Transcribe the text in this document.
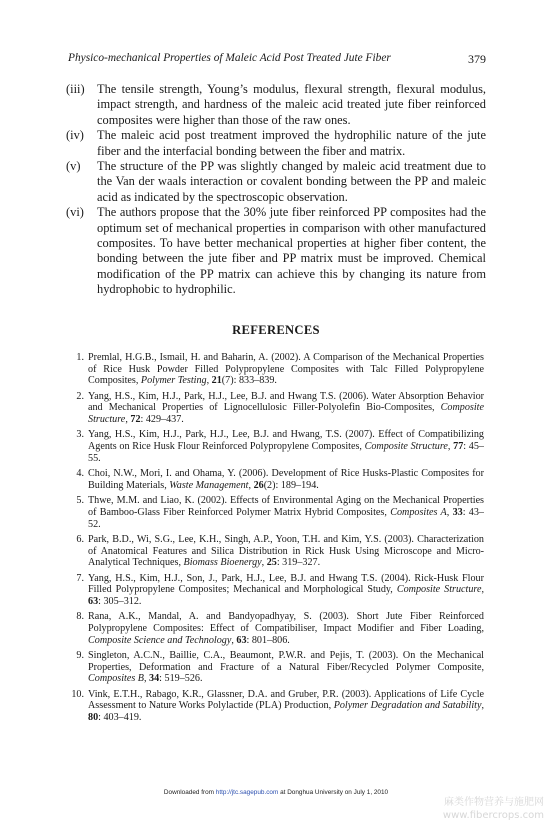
Physico-mechanical Properties of Maleic Acid Post Treated Jute Fiber	379

(iii) The tensile strength, Young’s modulus, flexural strength, flexural modulus, impact strength, and hardness of the maleic acid treated jute fiber reinforced composites were higher than those of the raw ones.

(iv) The maleic acid post treatment improved the hydrophilic nature of the jute fiber and the interfacial bonding between the fiber and matrix.

(v) The structure of the PP was slightly changed by maleic acid treatment due to the Van der waals interaction or covalent bonding between the PP and maleic acid as indicated by the spectroscopic observation.

(vi) The authors propose that the 30% jute fiber reinforced PP composites had the optimum set of mechanical properties in comparison with other manufactured composites. To have better mechanical properties at higher fiber content, the bonding between the jute fiber and PP matrix must be improved. Chemical modification of the PP matrix can achieve this by changing its nature from hydrophobic to hydrophilic.

REFERENCES
1. Premlal, H.G.B., Ismail, H. and Baharin, A. (2002). A Comparison of the Mechanical Properties of Rice Husk Powder Filled Polypropylene Composites with Talc Filled Polypropylene Composites, Polymer Testing, 21(7): 833–839.
2. Yang, H.S., Kim, H.J., Park, H.J., Lee, B.J. and Hwang T.S. (2006). Water Absorption Behavior and Mechanical Properties of Lignocellulosic Filler-Polyolefin Bio-Composites, Composite Structure, 72: 429–437.
3. Yang, H.S., Kim, H.J., Park, H.J., Lee, B.J. and Hwang, T.S. (2007). Effect of Compatibilizing Agents on Rice Husk Flour Reinforced Polypropylene Composites, Composite Structure, 77: 45–55.
4. Choi, N.W., Mori, I. and Ohama, Y. (2006). Development of Rice Husks-Plastic Composites for Building Materials, Waste Management, 26(2): 189–194.
5. Thwe, M.M. and Liao, K. (2002). Effects of Environmental Aging on the Mechanical Properties of Bamboo-Glass Fiber Reinforced Polymer Matrix Hybrid Composites, Composites A, 33: 43–52.
6. Park, B.D., Wi, S.G., Lee, K.H., Singh, A.P., Yoon, T.H. and Kim, Y.S. (2003). Characterization of Anatomical Features and Silica Distribution in Rick Husk Using Microscope and Micro-Analytical Techniques, Biomass Bioenergy, 25: 319–327.
7. Yang, H.S., Kim, H.J., Son, J., Park, H.J., Lee, B.J. and Hwang T.S. (2004). Rick-Husk Flour Filled Polypropylene Composites; Mechanical and Morphological Study, Composite Structure, 63: 305–312.
8. Rana, A.K., Mandal, A. and Bandyopadhyay, S. (2003). Short Jute Fiber Reinforced Polypropylene Composites: Effect of Compatibiliser, Impact Modifier and Fiber Loading, Composite Science and Technology, 63: 801–806.
9. Singleton, A.C.N., Baillie, C.A., Beaumont, P.W.R. and Pejis, T. (2003). On the Mechanical Properties, Deformation and Fracture of a Natural Fiber/Recycled Polymer Composite, Composites B, 34: 519–526.
10. Vink, E.T.H., Rabago, K.R., Glassner, D.A. and Gruber, P.R. (2003). Applications of Life Cycle Assessment to Nature Works Polylactide (PLA) Production, Polymer Degradation and Satability, 80: 403–419.
Downloaded from http://jtc.sagepub.com at Donghua University on July 1, 2010
麻类作物营养与施肥网
www.fibercrops.com
